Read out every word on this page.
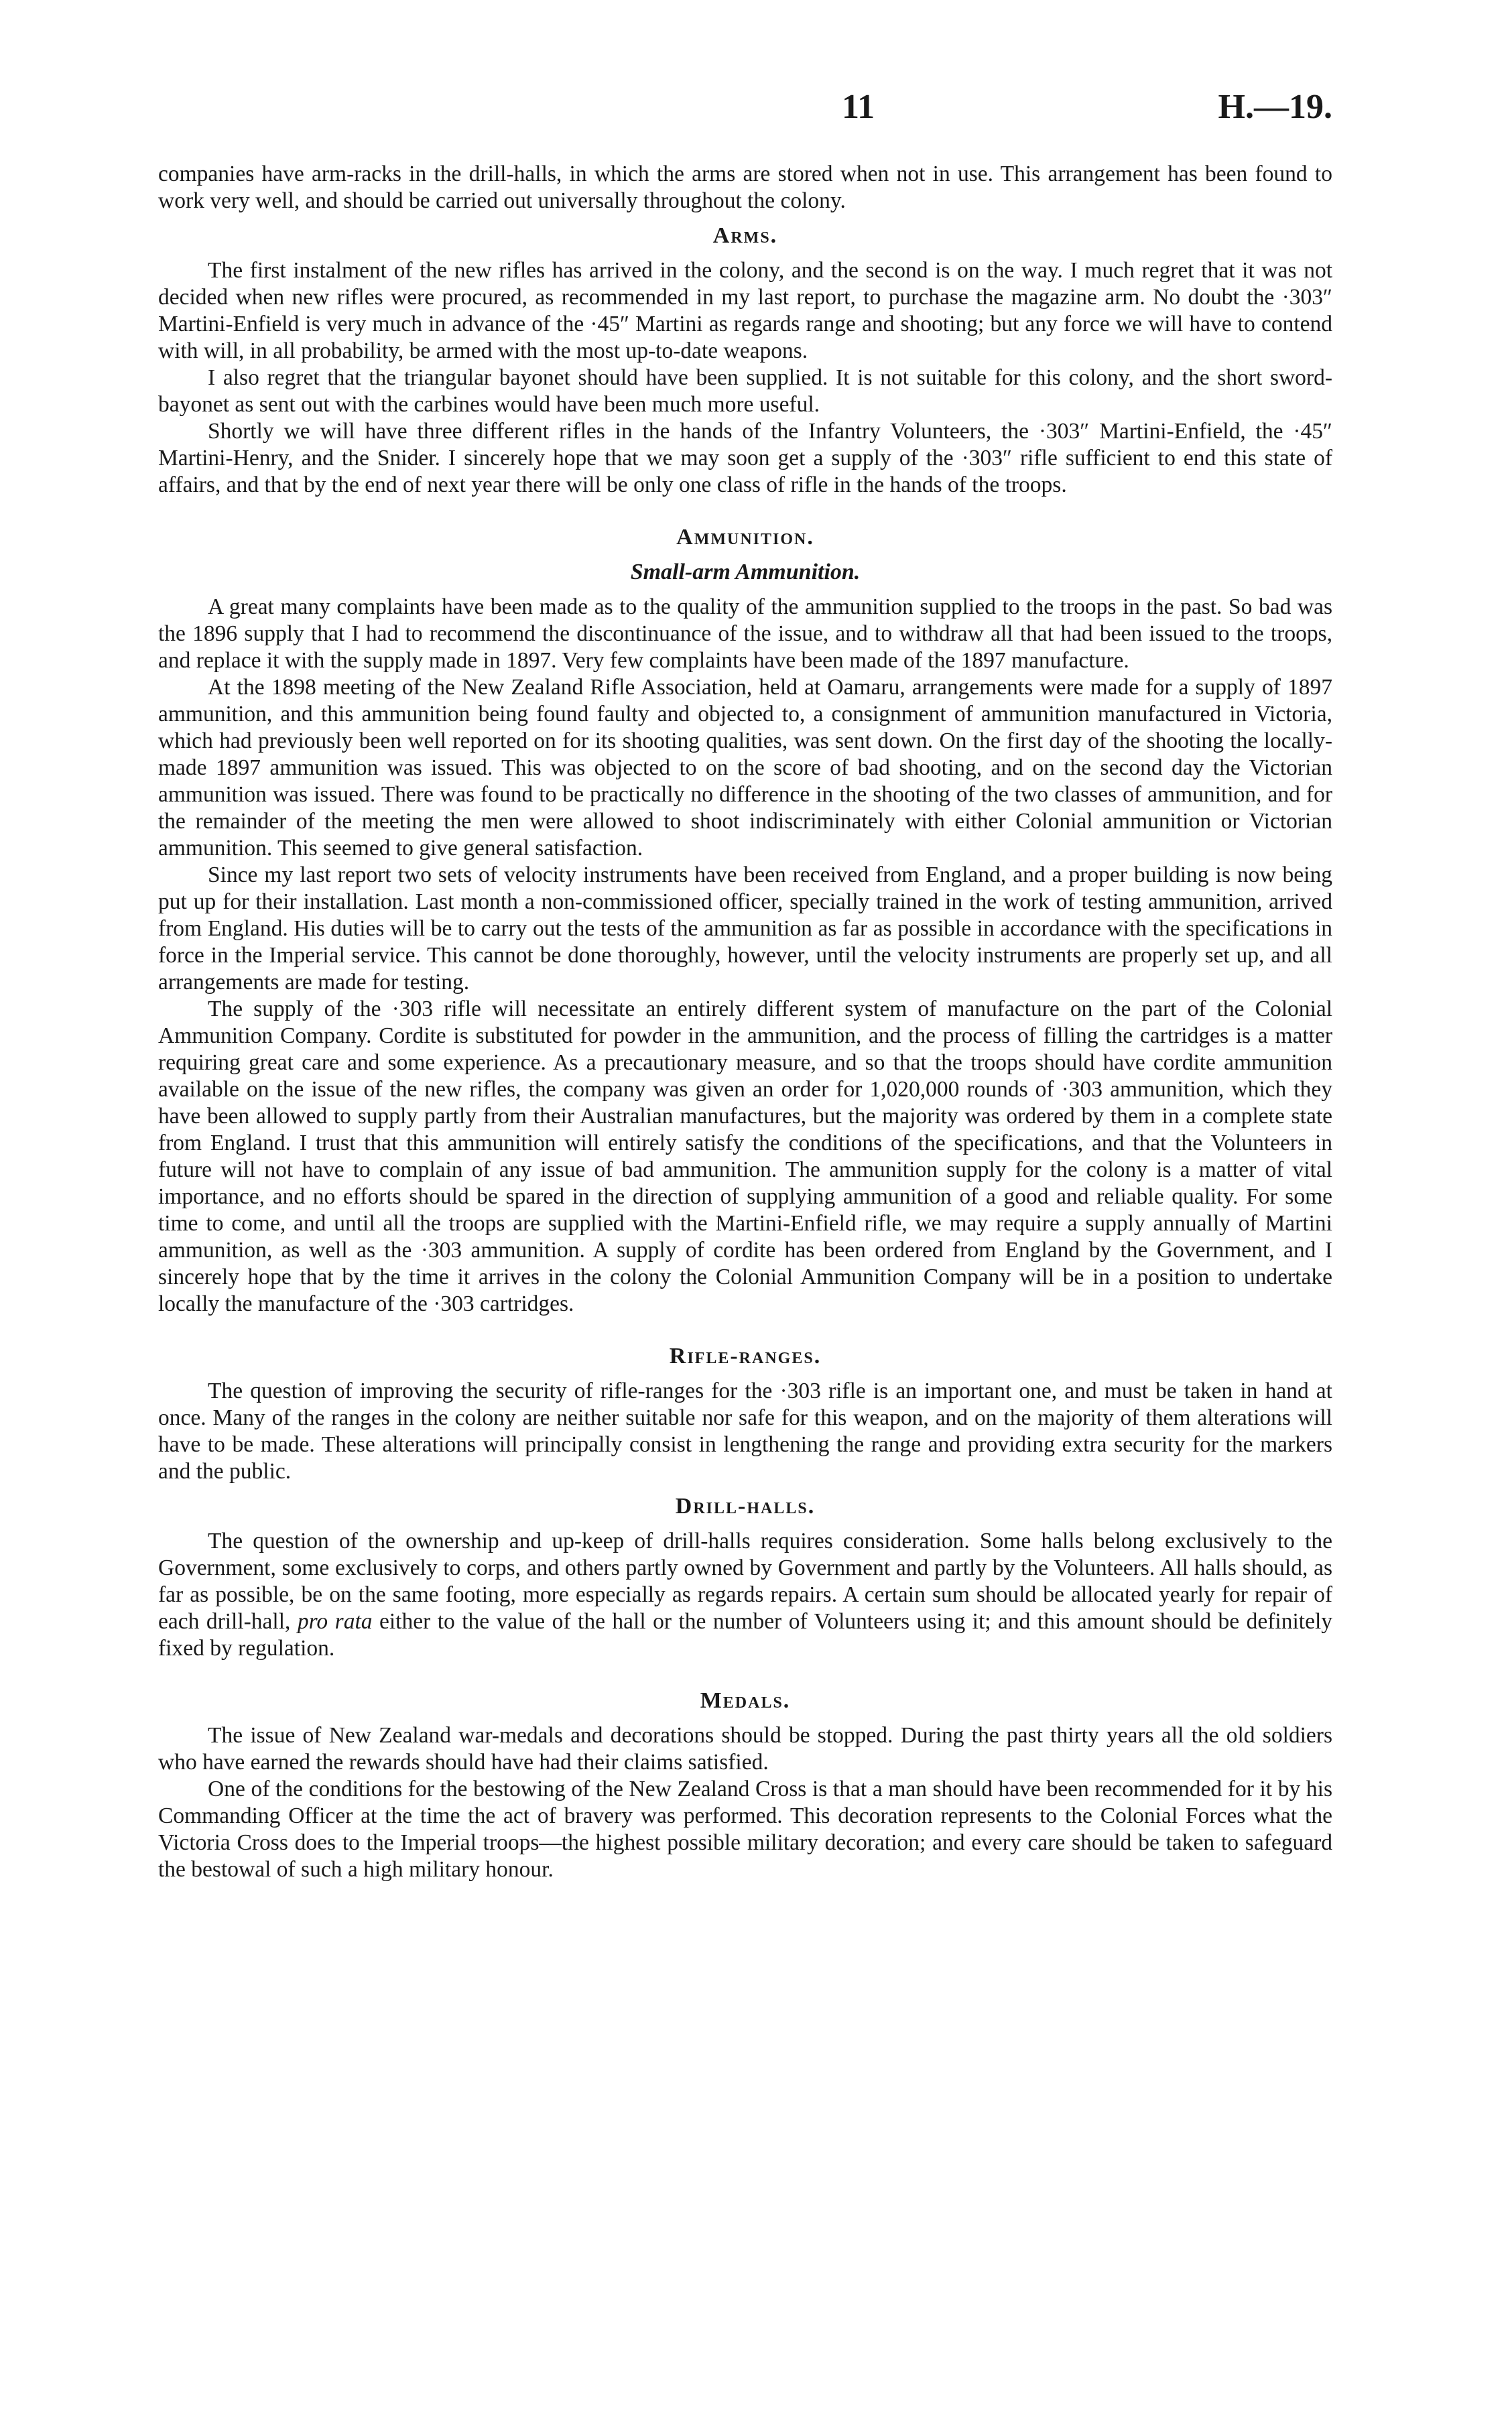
11	H.—19.

companies have arm-racks in the drill-halls, in which the arms are stored when not in use. This arrangement has been found to work very well, and should be carried out universally throughout the colony.

Arms.

The first instalment of the new rifles has arrived in the colony, and the second is on the way. I much regret that it was not decided when new rifles were procured, as recommended in my last report, to purchase the magazine arm. No doubt the ·303″ Martini-Enfield is very much in advance of the ·45″ Martini as regards range and shooting; but any force we will have to contend with will, in all probability, be armed with the most up-to-date weapons.

I also regret that the triangular bayonet should have been supplied. It is not suitable for this colony, and the short sword-bayonet as sent out with the carbines would have been much more useful.

Shortly we will have three different rifles in the hands of the Infantry Volunteers, the ·303″ Martini-Enfield, the ·45″ Martini-Henry, and the Snider. I sincerely hope that we may soon get a supply of the ·303″ rifle sufficient to end this state of affairs, and that by the end of next year there will be only one class of rifle in the hands of the troops.

Ammunition.
Small-arm Ammunition.

A great many complaints have been made as to the quality of the ammunition supplied to the troops in the past. So bad was the 1896 supply that I had to recommend the discontinuance of the issue, and to withdraw all that had been issued to the troops, and replace it with the supply made in 1897. Very few complaints have been made of the 1897 manufacture.

At the 1898 meeting of the New Zealand Rifle Association, held at Oamaru, arrangements were made for a supply of 1897 ammunition, and this ammunition being found faulty and objected to, a consignment of ammunition manufactured in Victoria, which had previously been well reported on for its shooting qualities, was sent down. On the first day of the shooting the locally-made 1897 ammunition was issued. This was objected to on the score of bad shooting, and on the second day the Victorian ammunition was issued. There was found to be practically no difference in the shooting of the two classes of ammunition, and for the remainder of the meeting the men were allowed to shoot indiscriminately with either Colonial ammunition or Victorian ammunition. This seemed to give general satisfaction.

Since my last report two sets of velocity instruments have been received from England, and a proper building is now being put up for their installation. Last month a non-commissioned officer, specially trained in the work of testing ammunition, arrived from England. His duties will be to carry out the tests of the ammunition as far as possible in accordance with the specifications in force in the Imperial service. This cannot be done thoroughly, however, until the velocity instruments are properly set up, and all arrangements are made for testing.

The supply of the ·303 rifle will necessitate an entirely different system of manufacture on the part of the Colonial Ammunition Company. Cordite is substituted for powder in the ammunition, and the process of filling the cartridges is a matter requiring great care and some experience. As a precautionary measure, and so that the troops should have cordite ammunition available on the issue of the new rifles, the company was given an order for 1,020,000 rounds of ·303 ammunition, which they have been allowed to supply partly from their Australian manufactures, but the majority was ordered by them in a complete state from England. I trust that this ammunition will entirely satisfy the conditions of the specifications, and that the Volunteers in future will not have to complain of any issue of bad ammunition. The ammunition supply for the colony is a matter of vital importance, and no efforts should be spared in the direction of supplying ammunition of a good and reliable quality. For some time to come, and until all the troops are supplied with the Martini-Enfield rifle, we may require a supply annually of Martini ammunition, as well as the ·303 ammunition. A supply of cordite has been ordered from England by the Government, and I sincerely hope that by the time it arrives in the colony the Colonial Ammunition Company will be in a position to undertake locally the manufacture of the ·303 cartridges.

Rifle-ranges.

The question of improving the security of rifle-ranges for the ·303 rifle is an important one, and must be taken in hand at once. Many of the ranges in the colony are neither suitable nor safe for this weapon, and on the majority of them alterations will have to be made. These alterations will principally consist in lengthening the range and providing extra security for the markers and the public.

Drill-halls.

The question of the ownership and up-keep of drill-halls requires consideration. Some halls belong exclusively to the Government, some exclusively to corps, and others partly owned by Government and partly by the Volunteers. All halls should, as far as possible, be on the same footing, more especially as regards repairs. A certain sum should be allocated yearly for repair of each drill-hall, pro rata either to the value of the hall or the number of Volunteers using it; and this amount should be definitely fixed by regulation.

Medals.

The issue of New Zealand war-medals and decorations should be stopped. During the past thirty years all the old soldiers who have earned the rewards should have had their claims satisfied.

One of the conditions for the bestowing of the New Zealand Cross is that a man should have been recommended for it by his Commanding Officer at the time the act of bravery was performed. This decoration represents to the Colonial Forces what the Victoria Cross does to the Imperial troops—the highest possible military decoration; and every care should be taken to safeguard the bestowal of such a high military honour.
